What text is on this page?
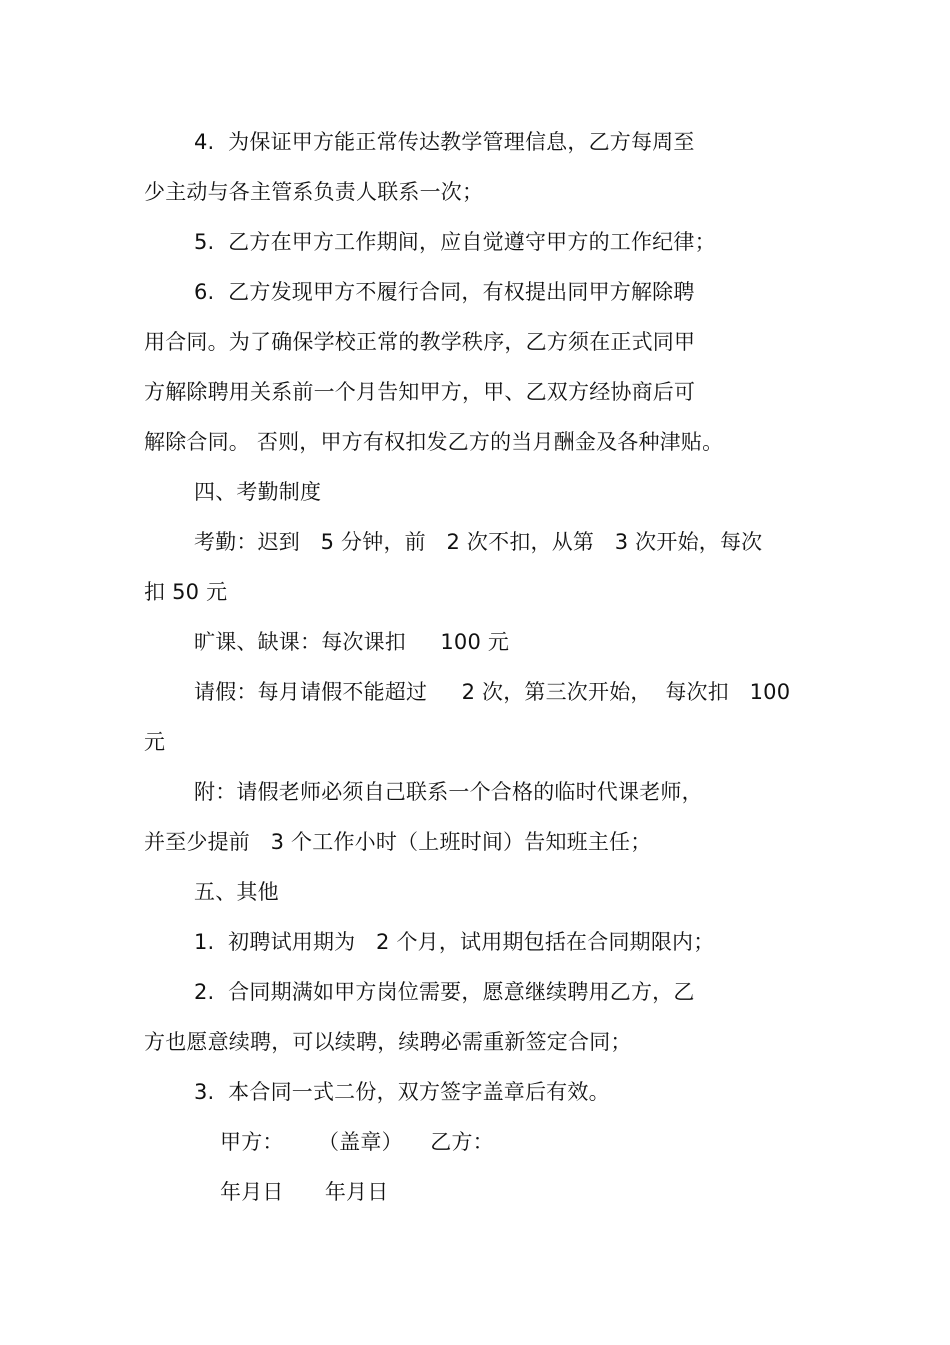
4.  为保证甲方能正常传达教学管理信息，乙方每周至
少主动与各主管系负责人联系一次；
5.  乙方在甲方工作期间，应自觉遵守甲方的工作纪律；
6.  乙方发现甲方不履行合同，有权提出同甲方解除聘
用合同。为了确保学校正常的教学秩序，乙方须在正式同甲
方解除聘用关系前一个月告知甲方，甲、乙双方经协商后可
解除合同。 否则，甲方有权扣发乙方的当月酬金及各种津贴。
四、考勤制度
考勤：迟到   5 分钟，前   2 次不扣，从第   3 次开始，每次
扣 50 元
旷课、缺课：每次课扣     100 元
请假：每月请假不能超过     2 次，第三次开始，  每次扣   100
元
附：请假老师必须自己联系一个合格的临时代课老师，
并至少提前   3 个工作小时（上班时间）告知班主任；
五、其他
1.  初聘试用期为   2 个月，试用期包括在合同期限内；
2.  合同期满如甲方岗位需要，愿意继续聘用乙方，乙
方也愿意续聘，可以续聘，续聘必需重新签定合同；
3.  本合同一式二份，双方签字盖章后有效。
甲方：     （盖章）    乙方：
年月日      年月日
